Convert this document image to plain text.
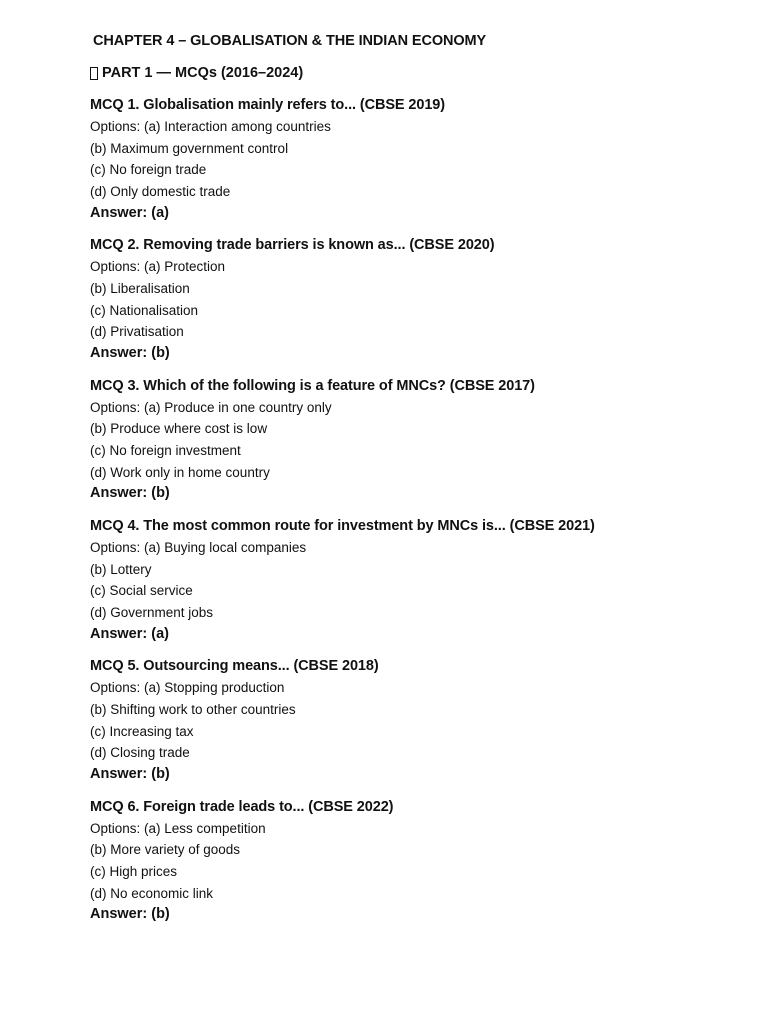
CHAPTER 4 – GLOBALISATION & THE INDIAN ECONOMY
PART 1 — MCQs (2016–2024)
MCQ 1. Globalisation mainly refers to... (CBSE 2019)
Options: (a) Interaction among countries
(b) Maximum government control
(c) No foreign trade
(d) Only domestic trade
Answer: (a)
MCQ 2. Removing trade barriers is known as... (CBSE 2020)
Options: (a) Protection
(b) Liberalisation
(c) Nationalisation
(d) Privatisation
Answer: (b)
MCQ 3. Which of the following is a feature of MNCs? (CBSE 2017)
Options: (a) Produce in one country only
(b) Produce where cost is low
(c) No foreign investment
(d) Work only in home country
Answer: (b)
MCQ 4. The most common route for investment by MNCs is... (CBSE 2021)
Options: (a) Buying local companies
(b) Lottery
(c) Social service
(d) Government jobs
Answer: (a)
MCQ 5. Outsourcing means... (CBSE 2018)
Options: (a) Stopping production
(b) Shifting work to other countries
(c) Increasing tax
(d) Closing trade
Answer: (b)
MCQ 6. Foreign trade leads to... (CBSE 2022)
Options: (a) Less competition
(b) More variety of goods
(c) High prices
(d) No economic link
Answer: (b)
